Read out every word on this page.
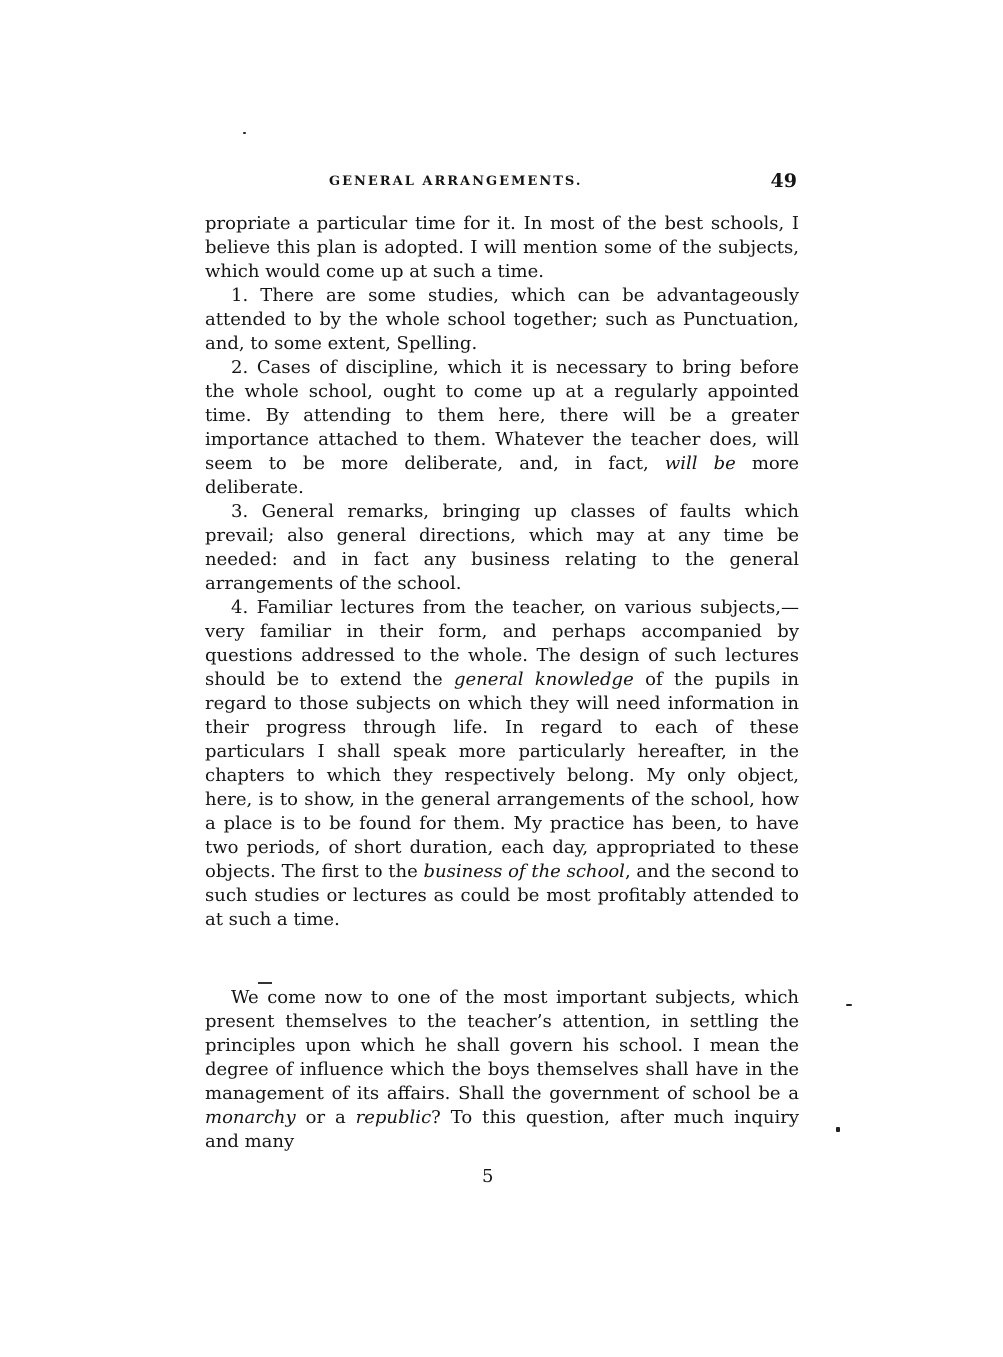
GENERAL ARRANGEMENTS.	49

propriate a particular time for it. In most of the best schools, I believe this plan is adopted. I will mention some of the subjects, which would come up at such a time.

1. There are some studies, which can be advantageously attended to by the whole school together; such as Punctuation, and, to some extent, Spelling.

2. Cases of discipline, which it is necessary to bring before the whole school, ought to come up at a regularly appointed time. By attending to them here, there will be a greater importance attached to them. Whatever the teacher does, will seem to be more deliberate, and, in fact, will be more deliberate.

3. General remarks, bringing up classes of faults which prevail; also general directions, which may at any time be needed: and in fact any business relating to the general arrangements of the school.

4. Familiar lectures from the teacher, on various subjects,—very familiar in their form, and perhaps accompanied by questions addressed to the whole. The design of such lectures should be to extend the general knowledge of the pupils in regard to those subjects on which they will need information in their progress through life. In regard to each of these particulars I shall speak more particularly hereafter, in the chapters to which they respectively belong. My only object, here, is to show, in the general arrangements of the school, how a place is to be found for them. My practice has been, to have two periods, of short duration, each day, appropriated to these objects. The first to the business of the school, and the second to such studies or lectures as could be most profitably attended to at such a time.

We come now to one of the most important subjects, which present themselves to the teacher’s attention, in settling the principles upon which he shall govern his school. I mean the degree of influence which the boys themselves shall have in the management of its affairs. Shall the government of school be a monarchy or a republic? To this question, after much inquiry and many

5
